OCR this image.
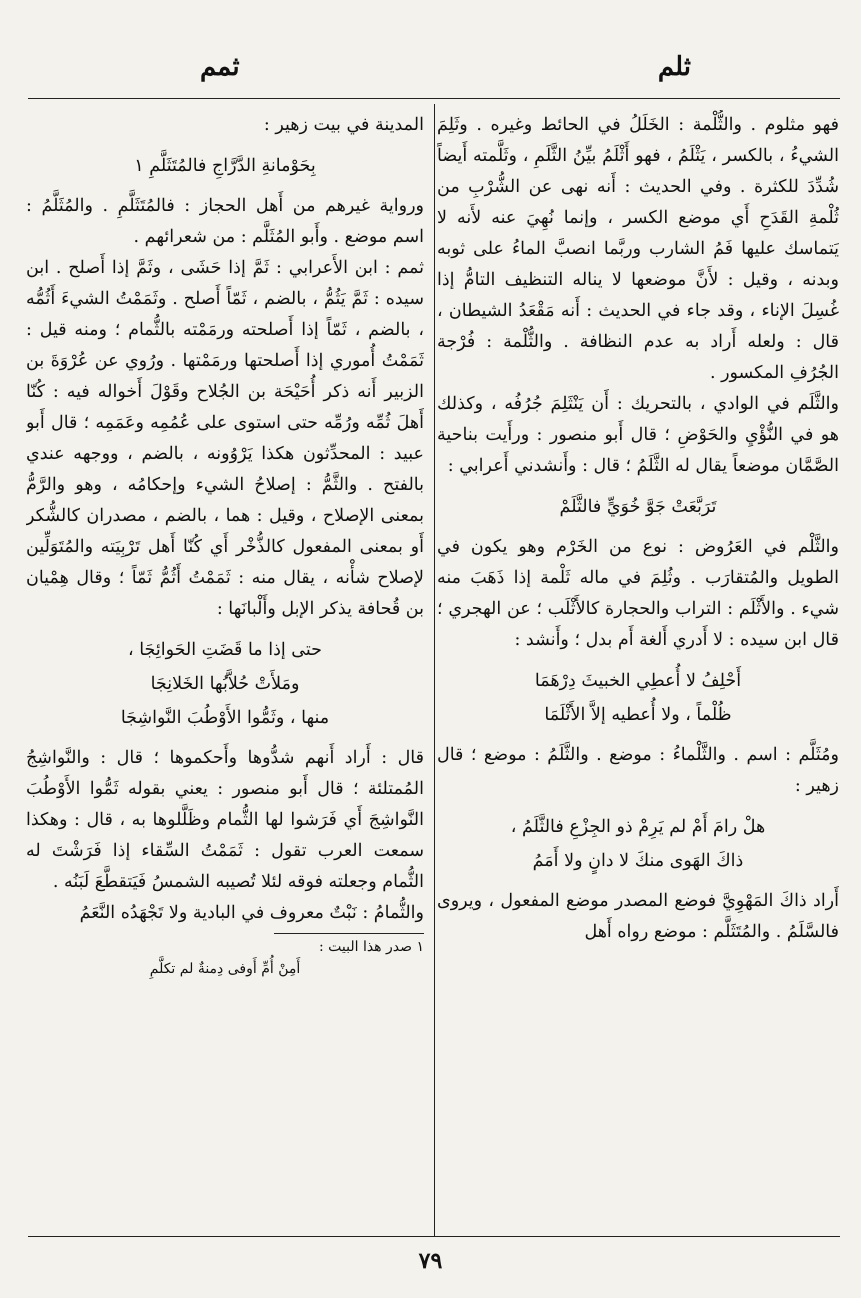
ثلم
ثمم

فهو مثلوم . والثُّلْمة : الخَلَلُ في الحائط وغيره . وثَلِمَ الشيءُ ، بالكسر ، يَثْلَمُ ، فهو أَثْلَمُ بيِّنُ الثَّلَمِ ، وثَلَّمته أَيضاً شُدِّدَ للكثرة . وفي الحديث : أَنه نهى عن الشُّرْبِ من ثُلْمةِ القَدَحِ أَي موضع الكسر ، وإنما نُهِيَ عنه لأَنه لا يَتماسك عليها فَمُ الشارب وربَّما انصبَّ الماءُ على ثوبه وبدنه ، وقيل : لأَنَّ موضعها لا يناله التنظيف التامُّ إذا غُسِلَ الإناء ، وقد جاء في الحديث : أَنه مَقْعَدُ الشيطان ، قال : ولعله أَراد به عدم النظافة . والثُّلْمة : فُرْجة الجُرُفِ المكسور .

والثَّلَم في الوادي ، بالتحريك : أَن يَنْثَلِمَ جُرُفُه ، وكذلك هو في النُّؤْيِ والحَوْضِ ؛ قال أَبو منصور : ورأَيت بناحية الصَّمَّان موضعاً يقال له الثَّلَمُ ؛ قال : وأَنشدني أَعرابي :

تَرَبَّعَتْ جَوَّ خُوَيٍّ فالثَّلَمْ

والثَّلْم في العَرُوض : نوع من الخَرْم وهو يكون في الطويل والمُتقارَب . وثُلِمَ في ماله ثَلْمة إذا ذَهَبَ منه شيء . والأَثْلَم : التراب والحجارة كالأَثْلَب ؛ عن الهجري ؛ قال ابن سيده : لا أَدري أَلغة أَم بدل ؛ وأَنشد :

أَحْلِفُ لا أُعطِي الخبيثَ دِرْهَمَا
ظُلْماً ، ولا أُعطيه إلاَّ الأَثْلَمَا

ومُثَلَّم : اسم . والثَّلْماءُ : موضع . والثَّلَمُ : موضع ؛ قال زهير :

هلْ رامَ أَمْ لم يَرِمْ ذو الجِزْعِ فالثَّلَمُ ،
ذاكَ الهَوى منكَ لا دانٍ ولا أَمَمُ

أَراد ذاكَ المَهْوِيَّ فوضع المصدر موضع المفعول ، ويروى فالسَّلَمُ . والمُتَثَلَّم : موضع رواه أَهل

المدينة في بيت زهير :

بِحَوْمانةِ الدَّرَّاجِ فالمُتَثَلَّمِ ١

ورواية غيرهم من أَهل الحجاز : فالمُتَثَلَّمِ . والمُثَلَّمُ : اسم موضع . وأَبو المُثَلَّم : من شعرائهم .

ثمم : ابن الأَعرابي : ثَمَّ إذا حَشَى ، وثَمَّ إذا أَصلح . ابن سيده : ثَمَّ يَثُمُّ ، بالضم ، ثَمّاً أَصلح . وثَمَمْتُ الشيءَ أَثُمُّه ، بالضم ، ثَمّاً إذا أَصلحته ورمَمْته بالثُّمام ؛ ومنه قيل : ثَمَمْتُ أُموري إذا أَصلحتها ورمَمْتها . ورُوي عن عُرْوَةَ بن الزبير أَنه ذكر أُحَيْحَة بن الجُلاح وقَوْلَ أَخواله فيه : كُنّا أَهلَ ثُمِّه ورُمِّه حتى استوى على عُمُمِه وعَمَمِه ؛ قال أَبو عبيد : المحدِّثون هكذا يَرْوُونه ، بالضم ، ووجهه عندي بالفتح . والثَّمُّ : إصلاحُ الشيء وإحكامُه ، وهو والرَّمُّ بمعنى الإصلاح ، وقيل : هما ، بالضم ، مصدران كالشُّكر أَو بمعنى المفعول كالذُّخْر أَي كُنّا أَهل تَرْبِيَته والمُتَوَلِّين لإصلاح شأْنه ، يقال منه : ثَمَمْتُ أَثُمُّ ثَمّاً ؛ وقال هِمْيان بن قُحافة يذكر الإبل وأَلْبانَها :

حتى إذا ما قَضَتِ الحَوائِجَا ،
ومَلأَتْ حُلاَّبُها الخَلانِجَا
منها ، وثَمُّوا الأَوْطُبَ النَّواشِجَا

قال : أَراد أَنهم شدُّوها وأَحكموها ؛ قال : والنَّواشِجُ المُمتلئة ؛ قال أَبو منصور : يعني بقوله ثَمُّوا الأَوْطُبَ النَّواشِجَ أَي فَرَشوا لها الثُّمام وظَلَّلوها به ، قال : وهكذا سمعت العرب تقول : ثَمَمْتُ السِّقاء إذا فَرَشْتَ له الثُّمام وجعلته فوقه لئلا تُصيبه الشمسُ فَيَتقطَّعَ لَبَنُه .

والثُّمامُ : نَبْتٌ معروف في البادية ولا تَجْهَدُه النَّعَمُ

١ صدر هذا البيت :
أَمِنْ أُمِّ أَوفى دِمنةٌ لم تكلَّمِ
٧٩
